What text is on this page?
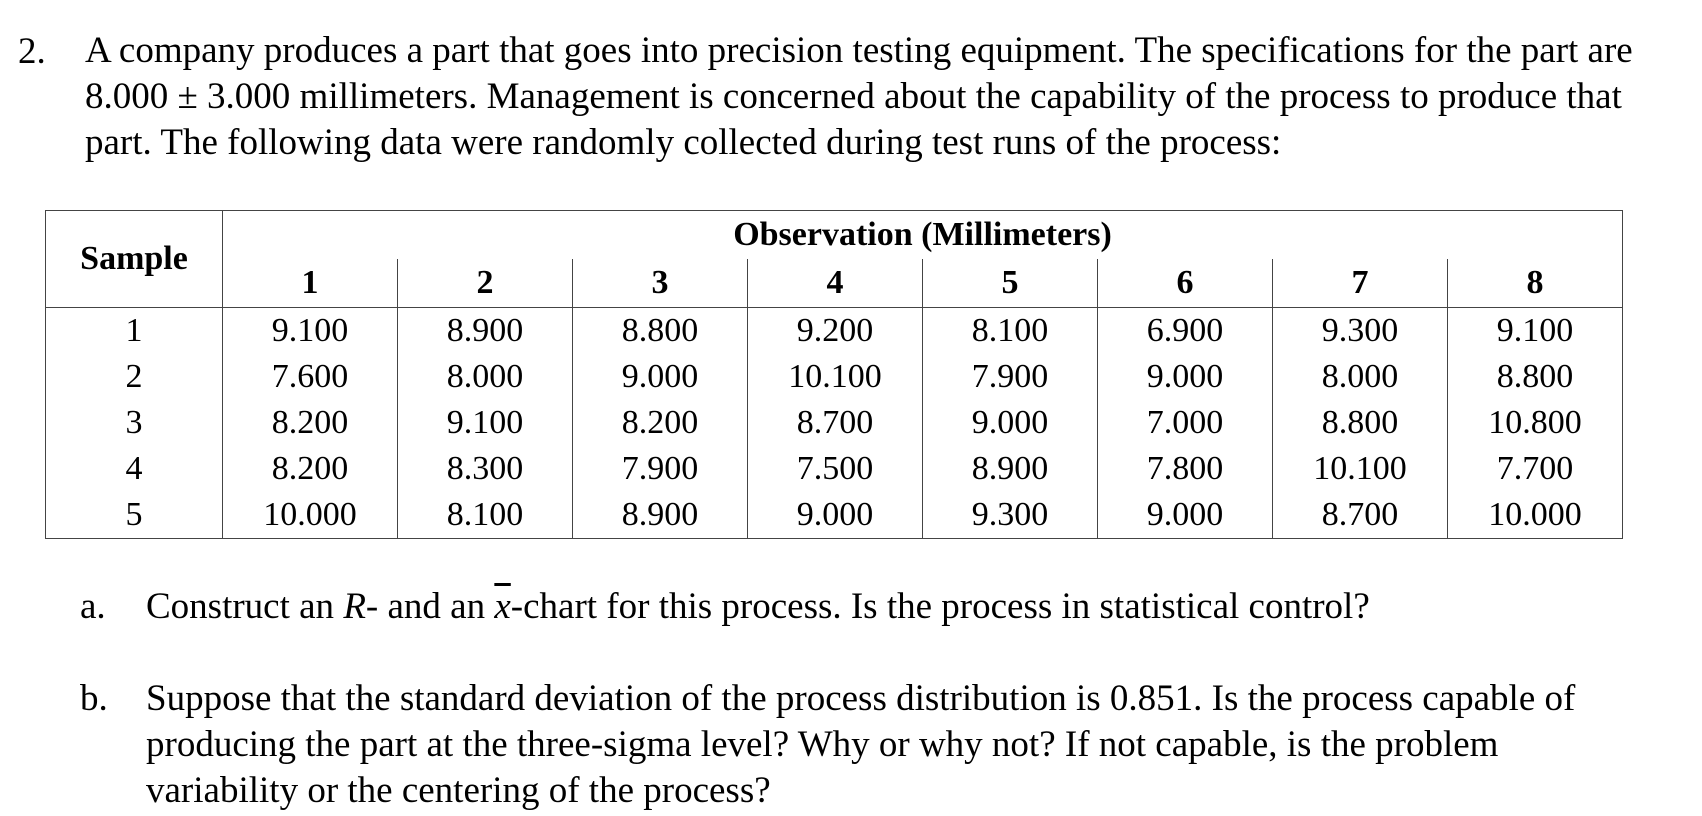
2. A company produces a part that goes into precision testing equipment. The specifications for the part are 8.000 ± 3.000 millimeters. Management is concerned about the capability of the process to produce that part. The following data were randomly collected during test runs of the process:
Sample	Observation (Millimeters)							
	1	2	3	4	5	6	7	8
1	9.100	8.900	8.800	9.200	8.100	6.900	9.300	9.100
2	7.600	8.000	9.000	10.100	7.900	9.000	8.000	8.800
3	8.200	9.100	8.200	8.700	9.000	7.000	8.800	10.800
4	8.200	8.300	7.900	7.500	8.900	7.800	10.100	7.700
5	10.000	8.100	8.900	9.000	9.300	9.000	8.700	10.000
a. Construct an R- and an $\overline{x}$-chart for this process. Is the process in statistical control?
b. Suppose that the standard deviation of the process distribution is 0.851. Is the process capable of producing the part at the three-sigma level? Why or why not? If not capable, is the problem variability or the centering of the process?
